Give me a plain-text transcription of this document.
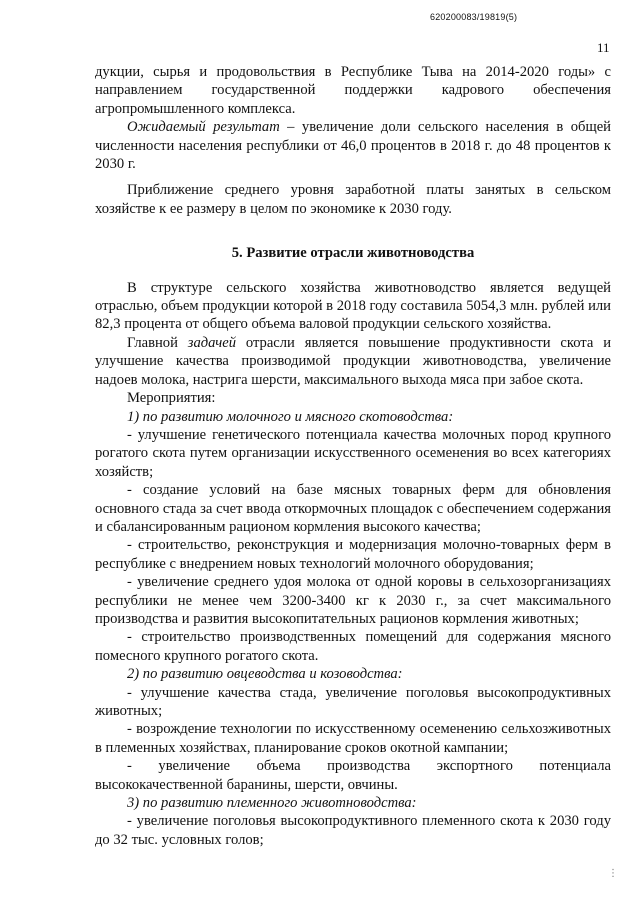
620200083/19819(5)
11

дукции, сырья и продовольствия в Республике Тыва на 2014-2020 годы» с направлением государственной поддержки кадрового обеспечения агропромышленного комплекса.

Ожидаемый результат – увеличение доли сельского населения в общей численности населения республики от 46,0 процентов в 2018 г. до 48 процентов к 2030 г.

Приближение среднего уровня заработной платы занятых в сельском хозяйстве к ее размеру в целом по экономике к 2030 году.

5. Развитие отрасли животноводства

В структуре сельского хозяйства животноводство является ведущей отраслью, объем продукции которой в 2018 году составила 5054,3 млн. рублей или 82,3 процента от общего объема валовой продукции сельского хозяйства.

Главной задачей отрасли является повышение продуктивности скота и улучшение качества производимой продукции животноводства, увеличение надоев молока, настрига шерсти, максимального выхода мяса при забое скота.

Мероприятия:

1) по развитию молочного и мясного скотоводства:

- улучшение генетического потенциала качества молочных пород крупного рогатого скота путем организации искусственного осеменения во всех категориях хозяйств;

- создание условий на базе мясных товарных ферм для обновления основного стада за счет ввода откормочных площадок с обеспечением содержания и сбалансированным рационом кормления высокого качества;

- строительство, реконструкция и модернизация молочно-товарных ферм в республике с внедрением новых технологий молочного оборудования;

- увеличение среднего удоя молока от одной коровы в сельхозорганизациях республики не менее чем 3200-3400 кг к 2030 г., за счет максимального производства и развития высокопитательных рационов кормления животных;

- строительство производственных помещений для содержания мясного помесного крупного рогатого скота.

2) по развитию овцеводства и козоводства:

- улучшение качества стада, увеличение поголовья высокопродуктивных животных;

- возрождение технологии по искусственному осеменению сельхозживотных в племенных хозяйствах, планирование сроков окотной кампании;

- увеличение объема производства экспортного потенциала высококачественной баранины, шерсти, овчины.

3) по развитию племенного животноводства:

- увеличение поголовья высокопродуктивного племенного скота к 2030 году до 32 тыс. условных голов;

⋮
